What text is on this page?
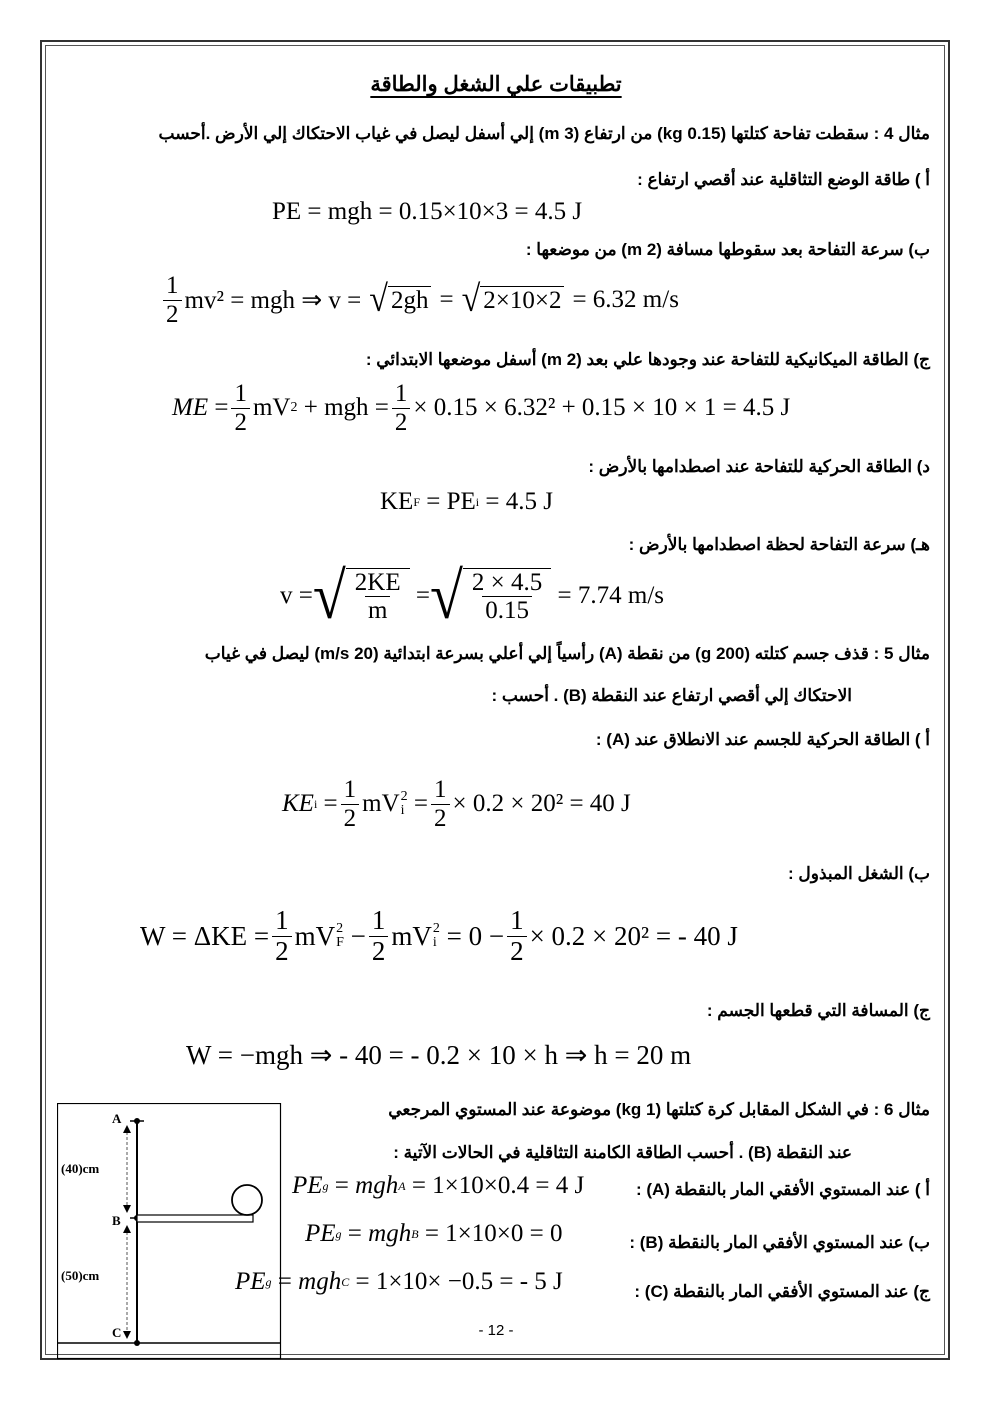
تطبيقات علي الشغل والطاقة
مثال 4 : سقطت تفاحة كتلتها (0.15 kg) من ارتفاع (3 m) إلي أسفل ليصل في غياب الاحتكاك إلي الأرض .أحسب
أ ) طاقة الوضع التثاقلية عند أقصي ارتفاع :
PE = mgh = 0.15×10×3 = 4.5 J
ب) سرعة التفاحة بعد سقوطها مسافة (2 m) من موضعها :
$\frac{1}{2} mv^2$ = mgh ⇒ v = √ 2gh = √ 2×10×2 = 6.32 m/s
ج) الطاقة الميكانيكية للتفاحة عند وجودها علي بعد (2 m) أسفل موضعها الابتدائي :
ME = $\frac{1}{2}$ mV 2 + mgh = $\frac{1}{2} \times 0.15 \times 6.32^2 + 0.15 \times 10 \times 1 = 4.5$ J
د) الطاقة الحركية للتفاحة عند اصطدامها بالأرض :
KE F = PE i
= 4.5 J
هـ) سرعة التفاحة لحظة اصطدامها بالأرض :
v = √ $\frac{2KE}{m}$ = √ $\frac{2 \times 4.5}{0.15}$
= 7.74 m/s
مثال 5 : قذف جسم كتلته (200 g) من نقطة (A) رأسياً إلي أعلي بسرعة ابتدائية (20 m/s) ليصل في غياب
الاحتكاك إلي أقصي ارتفاع عند النقطة (B) . أحسب :
أ ) الطاقة الحركية للجسم عند الانطلاق عند (A) :
KE $i = \frac{1}{2}$ mV 2
$i = \frac{1}{2} \times 0.2 \times 20^2 = 40$ J
ب) الشغل المبذول :
$W = \Delta KE = \frac{1}{2}$ mV 2
$F - \frac{1}{2}$ mV 2
$i = 0 - \frac{1}{2} \times 0.2 \times 20^2$ = - 40 J
ج) المسافة التي قطعها الجسم :
W = −mgh ⇒ - 40 = - 0.2 × 10 × h ⇒ h = 20 m
مثال 6 : في الشكل المقابل كرة كتلتها (1 kg) موضوعة عند المستوي المرجعي
عند النقطة (B) . أحسب الطاقة الكامنة التثاقلية في الحالات الآتية :
أ ) عند المستوي الأفقي المار بالنقطة (A) :
PE g = mgh A
= 1×10×0.4 = 4 J
ب) عند المستوي الأفقي المار بالنقطة (B) :
PE g = mgh B
= 1×10×0 = 0
ج) عند المستوي الأفقي المار بالنقطة (C) :
PE g = mgh C
= 1×10× −0.5 = - 5 J
A
B
C
(40)cm
(50)cm
- 12 -
